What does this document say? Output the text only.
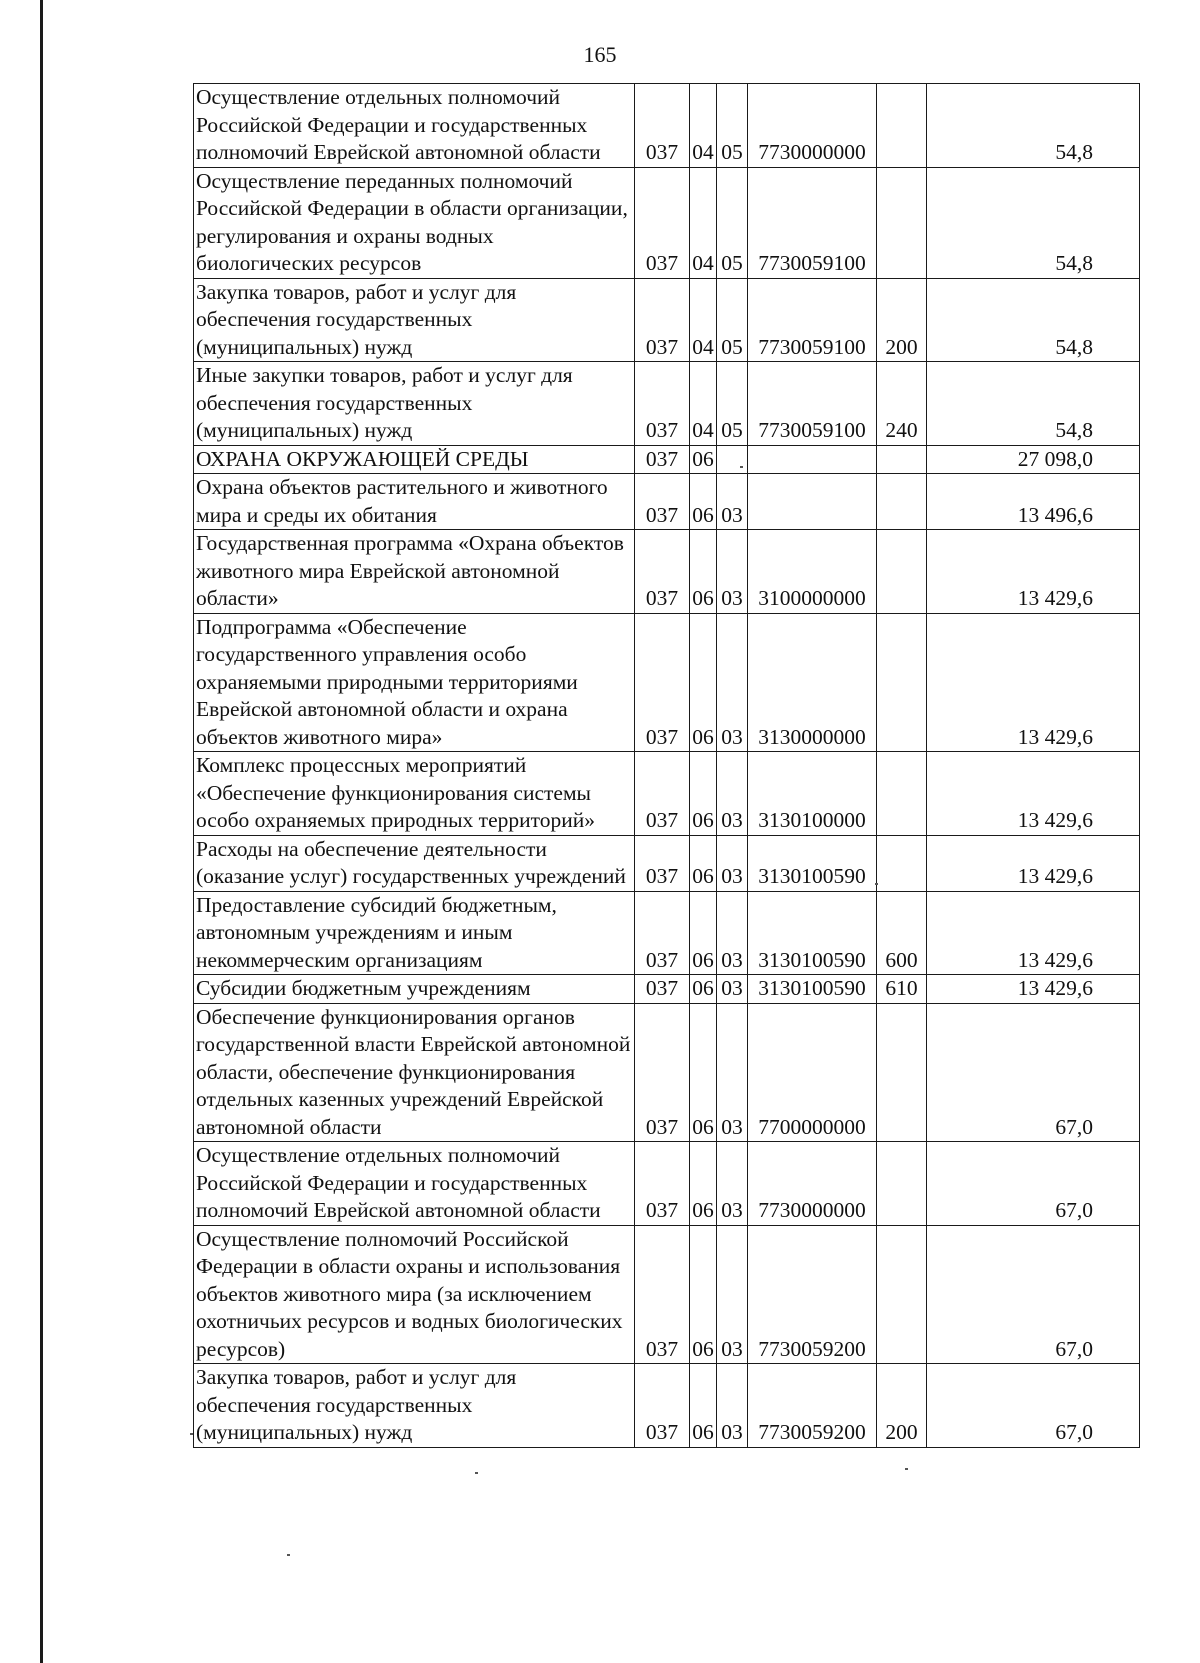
165
Осуществление отдельных полномочий Российской Федерации и государственных полномочий Еврейской автономной области	037	04	05	7730000000		54,8
Осуществление переданных полномочий Российской Федерации в области организации, регулирования и охраны водных биологических ресурсов	037	04	05	7730059100		54,8
Закупка товаров, работ и услуг для обеспечения государственных (муниципальных) нужд	037	04	05	7730059100	200	54,8
Иные закупки товаров, работ и услуг для обеспечения государственных (муниципальных) нужд	037	04	05	7730059100	240	54,8
ОХРАНА ОКРУЖАЮЩЕЙ СРЕДЫ	037	06				27 098,0
Охрана объектов растительного и животного мира и среды их обитания	037	06	03			13 496,6
Государственная программа «Охрана объектов животного мира Еврейской автономной области»	037	06	03	3100000000		13 429,6
Подпрограмма «Обеспечение государственного управления особо охраняемыми природными территориями Еврейской автономной области и охрана объектов животного мира»	037	06	03	3130000000		13 429,6
Комплекс процессных мероприятий «Обеспечение функционирования системы особо охраняемых природных территорий»	037	06	03	3130100000		13 429,6
Расходы на обеспечение деятельности (оказание услуг) государственных учреждений	037	06	03	3130100590		13 429,6
Предоставление субсидий бюджетным, автономным учреждениям и иным некоммерческим организациям	037	06	03	3130100590	600	13 429,6
Субсидии бюджетным учреждениям	037	06	03	3130100590	610	13 429,6
Обеспечение функционирования органов государственной власти Еврейской автономной области, обеспечение функционирования отдельных казенных учреждений Еврейской автономной области	037	06	03	7700000000		67,0
Осуществление отдельных полномочий Российской Федерации и государственных полномочий Еврейской автономной области	037	06	03	7730000000		67,0
Осуществление полномочий Российской Федерации в области охраны и использования объектов животного мира (за исключением охотничьих ресурсов и водных биологических ресурсов)	037	06	03	7730059200		67,0
Закупка товаров, работ и услуг для обеспечения государственных (муниципальных) нужд	037	06	03	7730059200	200	67,0
